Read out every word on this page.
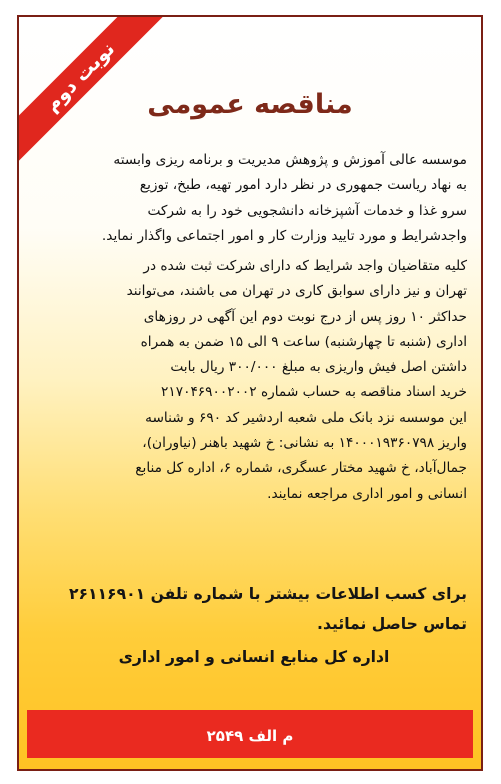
نوبت دوم	مناقصه عمومی
موسسه عالی آموزش و پژوهش مدیریت و برنامه ریزی وابسته
به نهاد ریاست جمهوری در نظر دارد امور تهیه، طبخ، توزیع
سرو غذا و خدمات آشپزخانه دانشجویی خود را به شرکت
واجدشرایط و مورد تایید وزارت کار و امور اجتماعی واگذار نماید.
کلیه متقاضیان واجد شرایط که دارای شرکت ثبت شده در
تهران و نیز دارای سوابق کاری در تهران می باشند، می‌توانند
حداکثر ۱۰ روز پس از درج نوبت دوم این آگهی در روزهای
اداری (شنبه تا چهارشنبه) ساعت ۹ الی ۱۵ ضمن به همراه
داشتن اصل فیش واریزی به مبلغ ۳۰۰/۰۰۰ ریال بابت
خرید اسناد مناقصه به حساب شماره ۲۱۷۰۴۶۹۰۰۲۰۰۲
این موسسه نزد بانک ملی شعبه اردشیر کد ۶۹۰ و شناسه
واریز ۱۴۰۰۰۱۹۳۶۰۷۹۸ به نشانی: خ شهید باهنر (نیاوران)،
جمال‌آباد، خ شهید مختار عسگری، شماره ۶، اداره کل منابع
انسانی و امور اداری مراجعه نمایند.
برای کسب اطلاعات بیشتر با شماره تلفن ۲۶۱۱۶۹۰۱
تماس حاصل نمائید.
اداره کل منابع انسانی و امور اداری
م الف ۲۵۴۹
